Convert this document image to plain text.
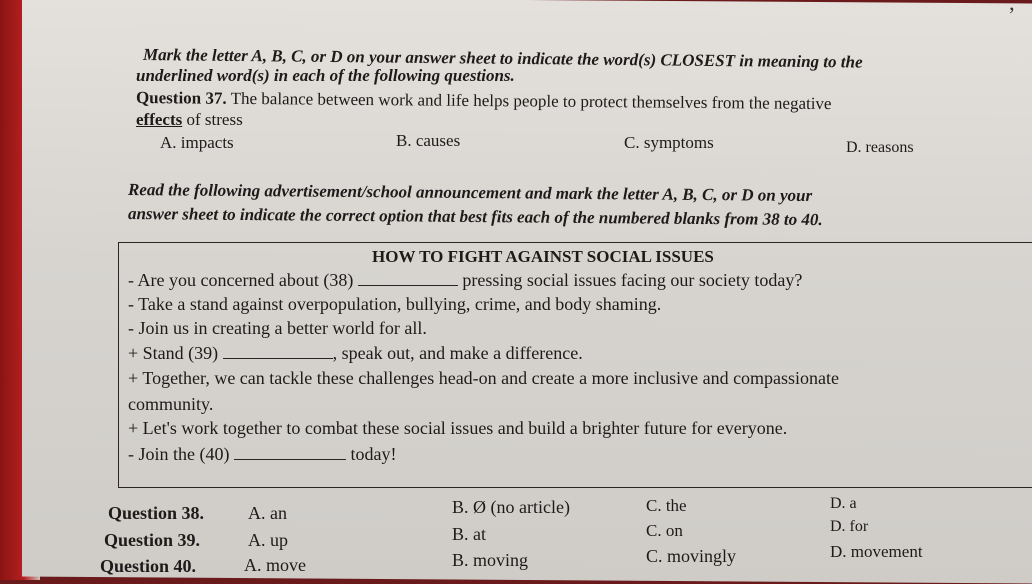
’
Mark the letter A, B, C, or D on your answer sheet to indicate the word(s) CLOSEST in meaning to the
underlined word(s) in each of the following questions.
Question 37. The balance between work and life helps people to protect themselves from the negative
effects of stress
A. impacts	B. causes	C. symptoms	D. reasons
Read the following advertisement/school announcement and mark the letter A, B, C, or D on your
answer sheet to indicate the correct option that best fits each of the numbered blanks from 38 to 40.
HOW TO FIGHT AGAINST SOCIAL ISSUES
- Are you concerned about (38)	pressing social issues facing our society today?
- Take a stand against overpopulation, bullying, crime, and body shaming.
- Join us in creating a better world for all.
+ Stand (39)	, speak out, and make a difference.
+ Together, we can tackle these challenges head-on and create a more inclusive and compassionate
community.
+ Let's work together to combat these social issues and build a brighter future for everyone.
- Join the (40)	today!
Question 38. A. an	B. Ø (no article)	C. the	D. a
Question 39.	A. up	B. at	C. on	D. for
Question 40.	A. move	B. moving	C. movingly	D. movement
